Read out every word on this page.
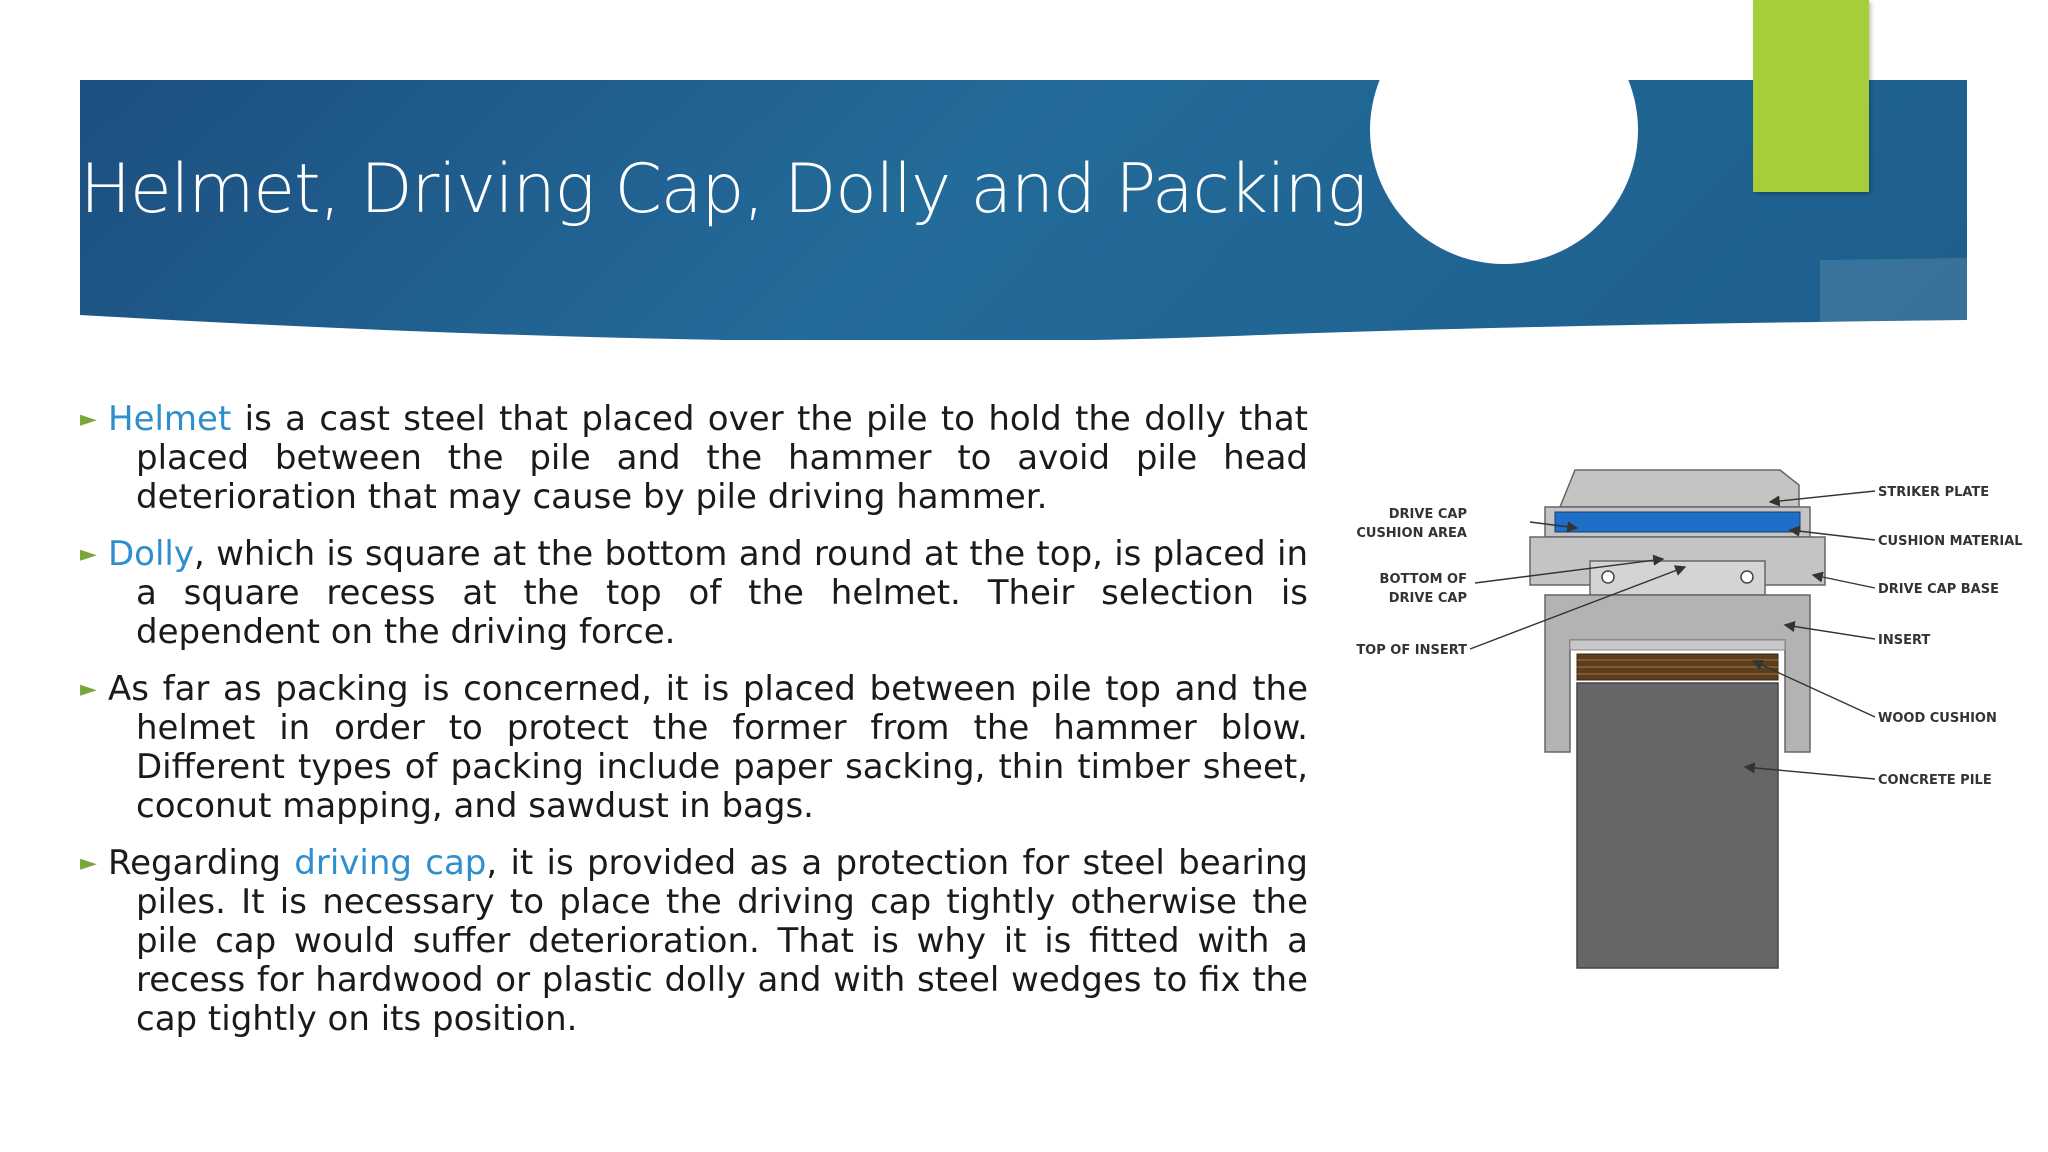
Helmet, Driving Cap, Dolly and Packing

► Helmet is a cast steel that placed over the pile to hold the dolly that placed between the pile and the hammer to avoid pile head deterioration that may cause by pile driving hammer.

► Dolly, which is square at the bottom and round at the top, is placed in a square recess at the top of the helmet. Their selection is dependent on the driving force.

► As far as packing is concerned, it is placed between pile top and the helmet in order to protect the former from the hammer blow. Different types of packing include paper sacking, thin timber sheet, coconut mapping, and sawdust in bags.

► Regarding driving cap, it is provided as a protection for steel bearing piles. It is necessary to place the driving cap tightly otherwise the pile cap would suffer deterioration. That is why it is fitted with a recess for hardwood or plastic dolly and with steel wedges to fix the cap tightly on its position.

DRIVE CAP
CUSHION AREA
BOTTOM OF
DRIVE CAP
TOP OF INSERT
STRIKER PLATE
CUSHION MATERIAL
DRIVE CAP BASE
INSERT
WOOD CUSHION
CONCRETE PILE
